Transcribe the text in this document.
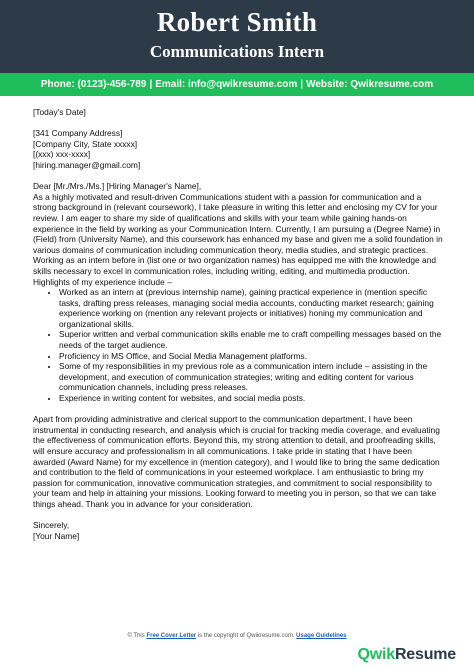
Robert Smith
Communications Intern
Phone: (0123)-456-789 | Email: info@qwikresume.com | Website: Qwikresume.com

[Today's Date]

[341 Company Address]

[Company City, State xxxxx]

[(xxx) xxx-xxxx]

[hiring.manager@gmail.com]

Dear [Mr./Mrs./Ms.] [Hiring Manager's Name],

As a highly motivated and result-driven Communications student with a passion for communication and a strong background in (relevant coursework), I take pleasure in writing this letter and enclosing my CV for your review. I am eager to share my side of qualifications and skills with your team while gaining hands-on experience in the field by working as your Communication Intern. Currently, I am pursuing a (Degree Name) in (Field) from (University Name), and this coursework has enhanced my base and given me a solid foundation in various domains of communication including communication theory, media studies, and strategic practices. Working as an intern before in (list one or two organization names) has equipped me with the knowledge and skills necessary to excel in communication roles, including writing, editing, and multimedia production. Highlights of my experience include –

• Worked as an intern at (previous internship name), gaining practical experience in (mention specific tasks, drafting press releases, managing social media accounts, conducting market research; gaining experience working on (mention any relevant projects or initiatives) honing my communication and organizational skills.
• Superior written and verbal communication skills enable me to craft compelling messages based on the needs of the target audience.
• Proficiency in MS Office, and Social Media Management platforms.
• Some of my responsibilities in my previous role as a communication intern include – assisting in the development, and execution of communication strategies; writing and editing content for various communication channels, including press releases.
• Experience in writing content for websites, and social media posts.

Apart from providing administrative and clerical support to the communication department, I have been instrumental in conducting research, and analysis which is crucial for tracking media coverage, and evaluating the effectiveness of communication efforts. Beyond this, my strong attention to detail, and proofreading skills, will ensure accuracy and professionalism in all communications. I take pride in stating that I have been awarded (Award Name) for my excellence in (mention category), and I would like to bring the same dedication and contribution to the field of communications in your esteemed workplace. I am enthusiastic to bring my passion for communication, innovative communication strategies, and commitment to social responsibility to your team and help in attaining your missions. Looking forward to meeting you in person, so that we can take things ahead. Thank you in advance for your consideration.

Sincerely,

[Your Name]

© This Free Cover Letter is the copyright of Qwikresume.com. Usage Guidelines
QwikResume
